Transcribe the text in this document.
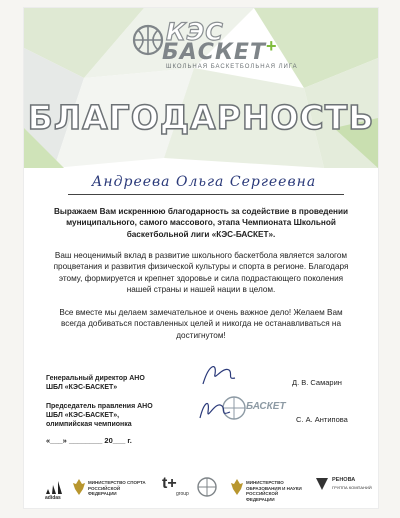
КЭС +
БАСКЕТ
ШКОЛЬНАЯ БАСКЕТБОЛЬНАЯ ЛИГА
БЛАГОДАРНОСТЬ
Андреева Ольга Сергеевна
Выражаем Вам искреннюю благодарность за содействие в проведении муниципального, самого массового, этапа Чемпионата Школьной баскетбольной лиги «КЭС-БАСКЕТ».
Ваш неоценимый вклад в развитие школьного баскетбола является залогом процветания и развития физической культуры и спорта в регионе. Благодаря этому, формируется и крепнет здоровье и сила подрастающего поколения нашей страны и нашей нации в целом.
Все вместе мы делаем замечательное и очень важное дело! Желаем Вам всегда добиваться поставленных целей и никогда не останавливаться на достигнутом!
Генеральный директор АНО ШБЛ «КЭС-БАСКЕТ»
Д. В. Самарин
Председатель правления АНО ШБЛ «КЭС-БАСКЕТ», олимпийская чемпионка
С. А. Антипова
БАСКЕТ
«___» ________ 20___ г.
adidas
МИНИСТЕРСТВО СПОРТА РОССИЙСКОЙ ФЕДЕРАЦИИ
t+
group
МИНИСТЕРСТВО ОБРАЗОВАНИЯ И НАУКИ РОССИЙСКОЙ ФЕДЕРАЦИИ
РЕНОВА
ГРУППА КОМПАНИЙ
